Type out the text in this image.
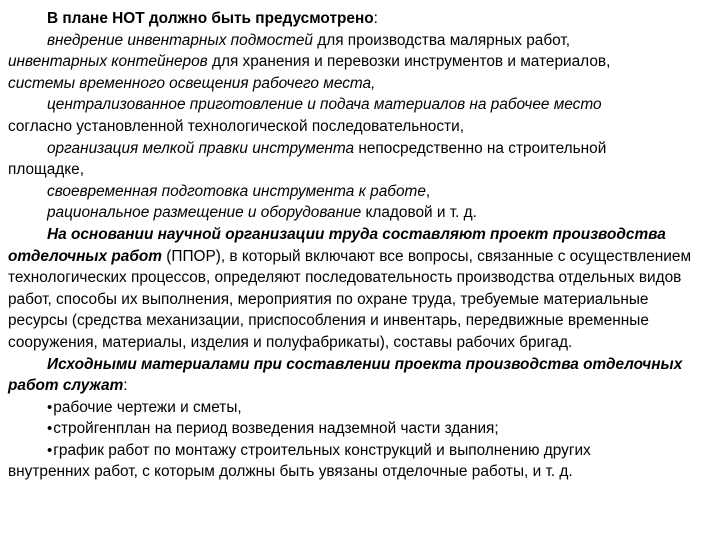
В плане НОТ должно быть предусмотрено:

внедрение инвентарных подмостей для производства малярных работ,

инвентарных контейнеров для хранения и перевозки инструментов и материалов,

системы временного освещения рабочего места,

централизованное приготовление и подача материалов на рабочее место

согласно установленной технологической последовательности,

организация мелкой правки инструмента непосредственно на строительной

площадке,

своевременная подготовка инструмента к работе,

рациональное размещение и оборудование кладовой и т. д.

На основании научной организации труда составляют проект производства отделочных работ (ППОР), в который включают все вопросы, связанные с осуществлением технологических процессов, определяют последовательность производства отдельных видов работ, способы их выполнения, мероприятия по охране труда, требуемые материальные ресурсы (средства механизации, приспособления и инвентарь, передвижные временные сооружения, материалы, изделия и полуфабрикаты), составы рабочих бригад.

Исходными материалами при составлении проекта производства отделочных работ служат:

•рабочие чертежи и сметы,

•стройгенплан на период возведения надземной части здания;

•график работ по монтажу строительных конструкций и выполнению других

внутренних работ, с которым должны быть увязаны отделочные работы, и т. д.
